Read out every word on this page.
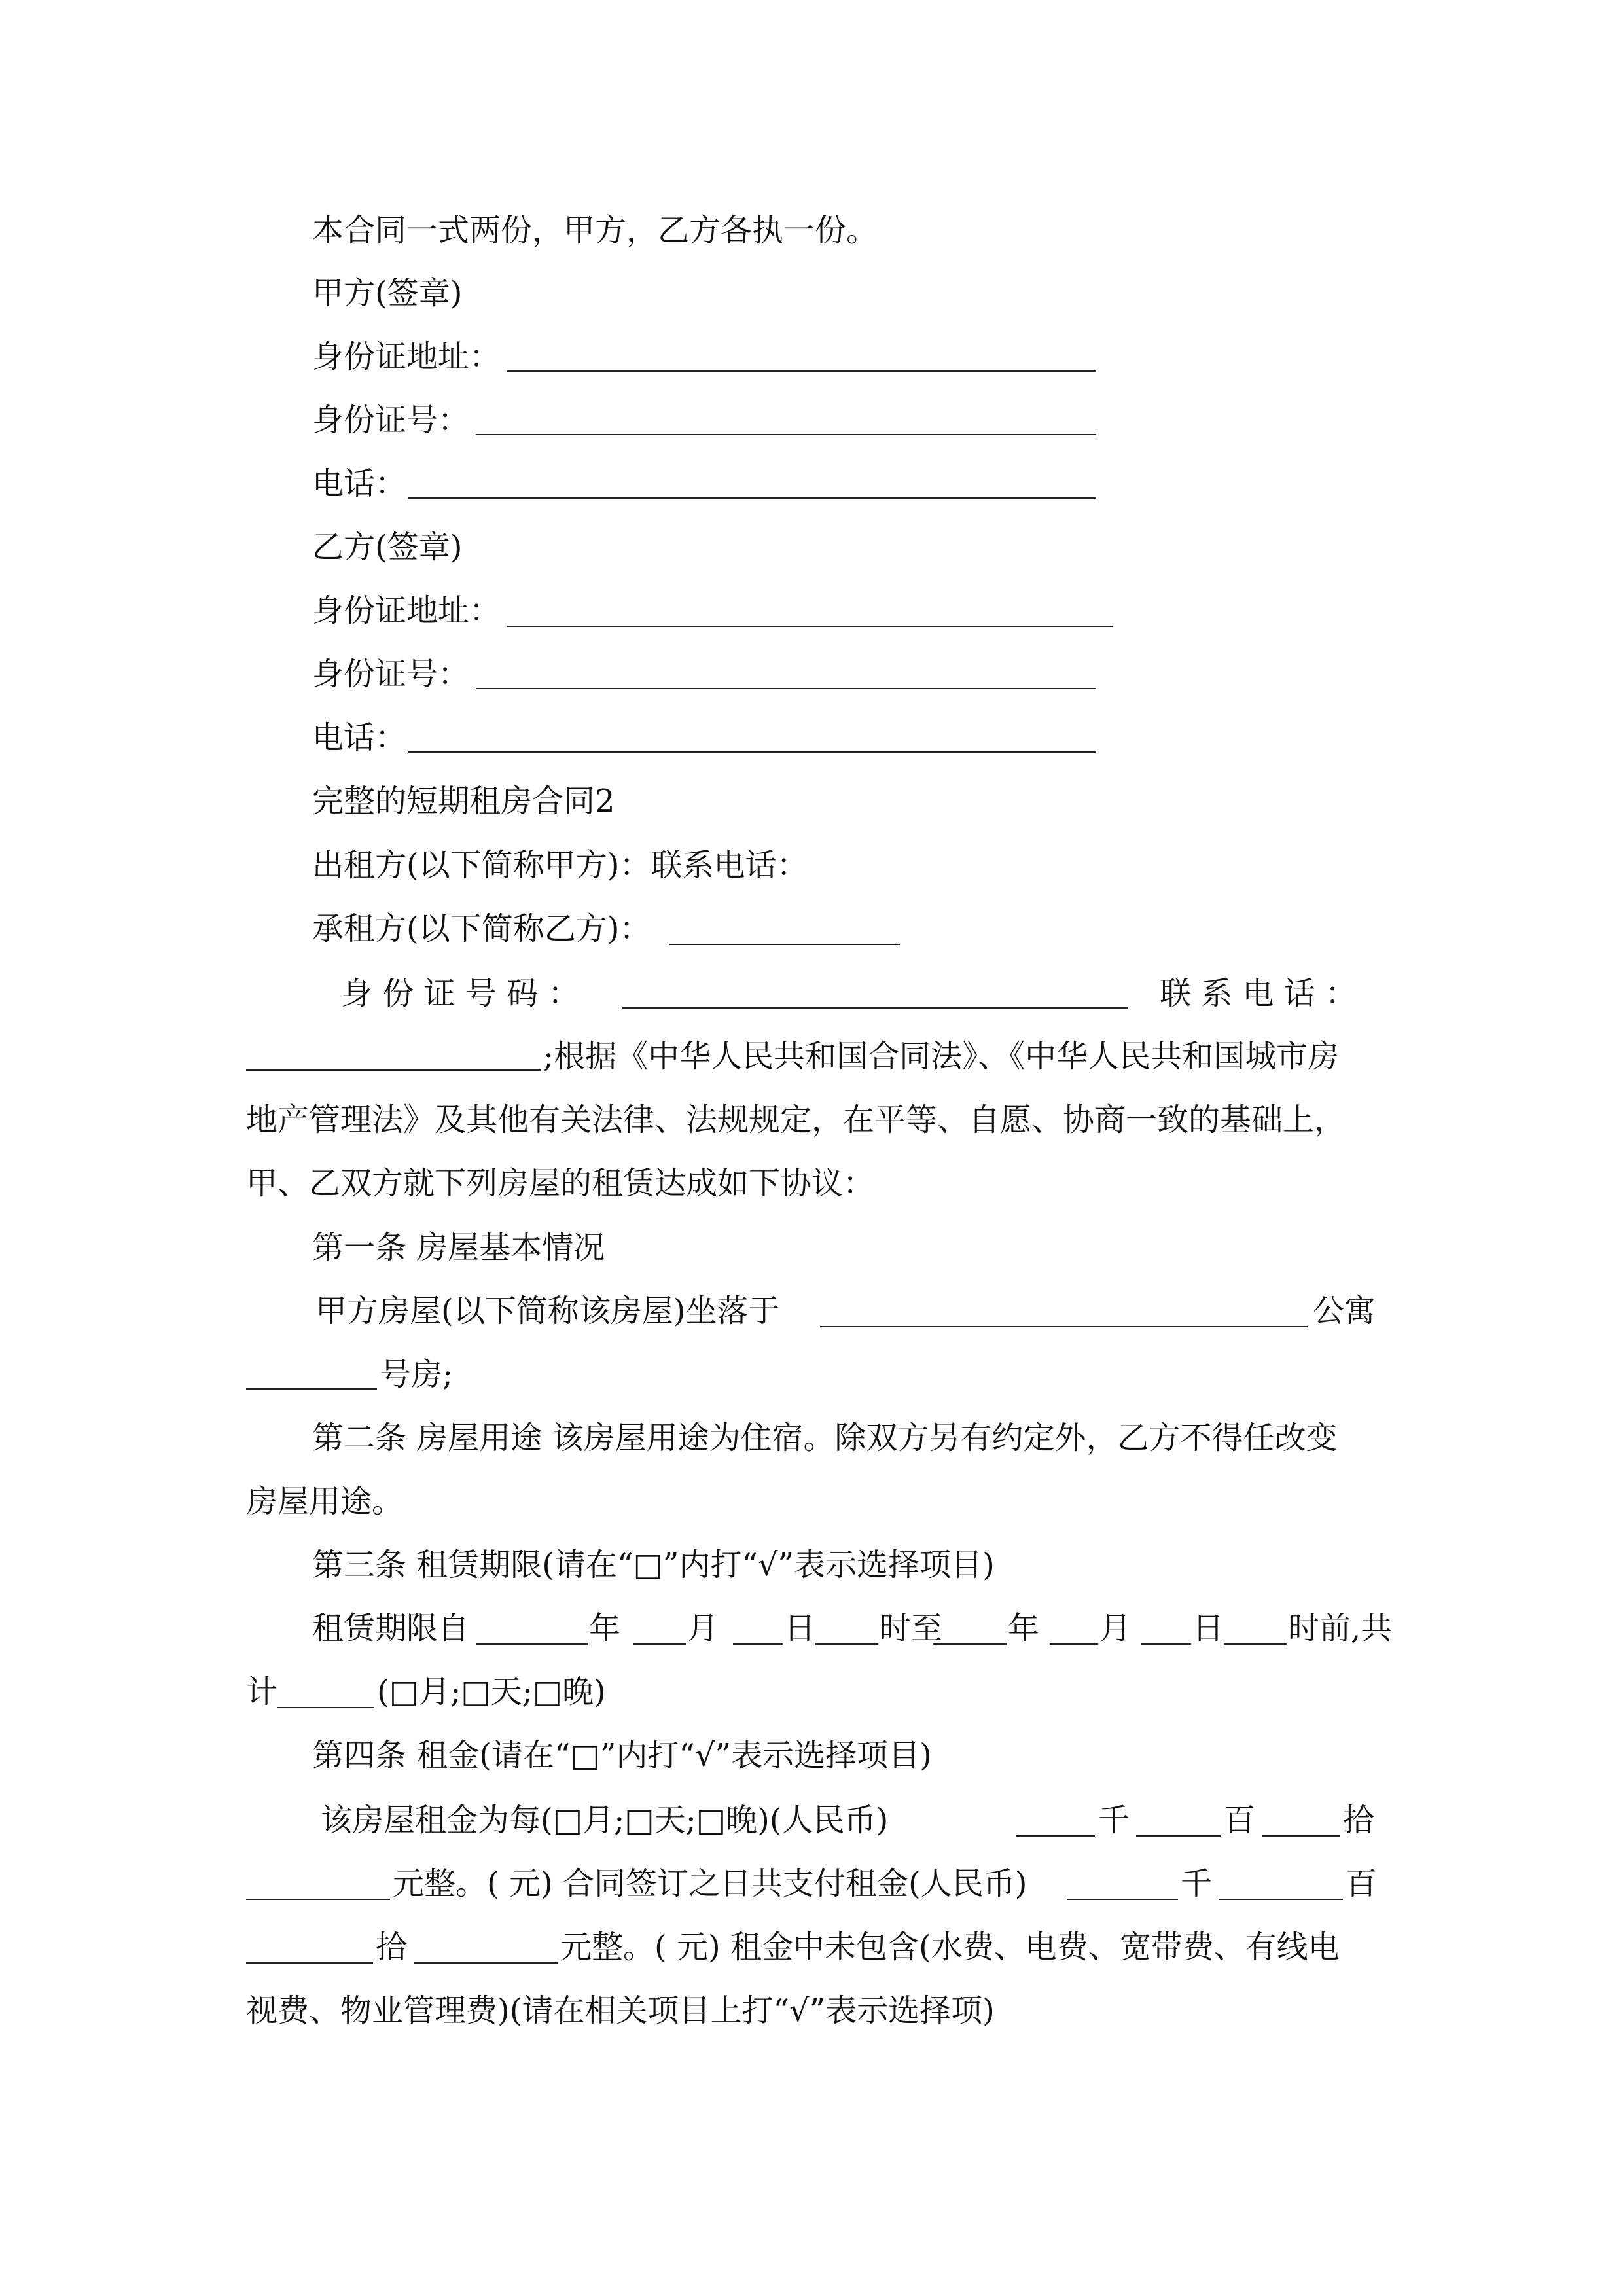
本合同一式两份，甲方，乙方各执一份。
甲方(签章)
身份证地址：
身份证号：
电话：
乙方(签章)
身份证地址：
身份证号：
电话：
完整的短期租房合同2
出租方(以下简称甲方)：联系电话：
承租方(以下简称乙方)：
身 份 证 号 码 ：	联 系 电 话 ：
;根据《中华人民共和国合同法》、《中华人民共和国城市房
地产管理法》及其他有关法律、法规规定，在平等、自愿、协商一致的基础上，
甲、乙双方就下列房屋的租赁达成如下协议：
第一条 房屋基本情况
甲方房屋(以下简称该房屋)坐落于	公寓
号房;
第二条 房屋用途 该房屋用途为住宿。除双方另有约定外，乙方不得任改变
房屋用途。
第三条 租赁期限(请在“□”内打“√”表示选择项目)
租赁期限自	年 月 日 时至 年 月 日 时前,共
计	(□月;□天;□晚)
第四条 租金(请在“□”内打“√”表示选择项目)
该房屋租金为每(□月;□天;□晚)(人民币)	千	百	拾
元整。( 元) 合同签订之日共支付租金(人民币)	千	百
拾	元整。( 元) 租金中未包含(水费、电费、宽带费、有线电
视费、物业管理费)(请在相关项目上打“√”表示选择项)
